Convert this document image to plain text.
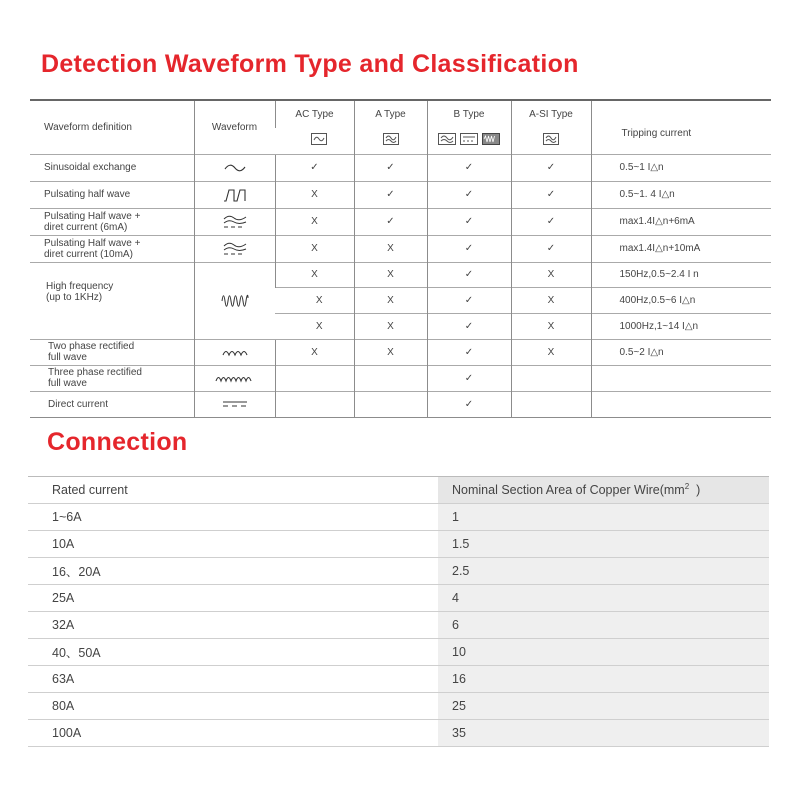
Detection Waveform Type and Classification
Waveform definition	Waveform	AC Type	A Type	B Type	A-SI Type	Tripping current

Sinusoidal exchange		✓	✓	✓	✓	0.5~1 I△n
Pulsating half wave		X	✓	✓	✓	0.5~1. 4 I△n
Pulsating Half wave +
diret current (6mA)		X	✓	✓	✓	max1.4I△n+6mA
Pulsating Half wave +
diret current (10mA)		X	X	✓	✓	max1.4I△n+10mA
High frequency
(up to 1KHz)		X	X	✓	X	150Hz,0.5~2.4 I n
		X	X	✓	X	400Hz,0.5~6 I△n
		X	X	✓	X	1000Hz,1~14 I△n
Two phase rectified
full wave		X	X	✓	X	0.5~2 I△n
Three phase rectified
full wave				✓		
Direct current				✓		
Connection
Rated current	Nominal Section Area of Copper $Wire(mm^2$ )
1~6A	1
10A	1.5
16、20A	2.5
25A	4
32A	6
40、50A	10
63A	16
80A	25
100A	35
